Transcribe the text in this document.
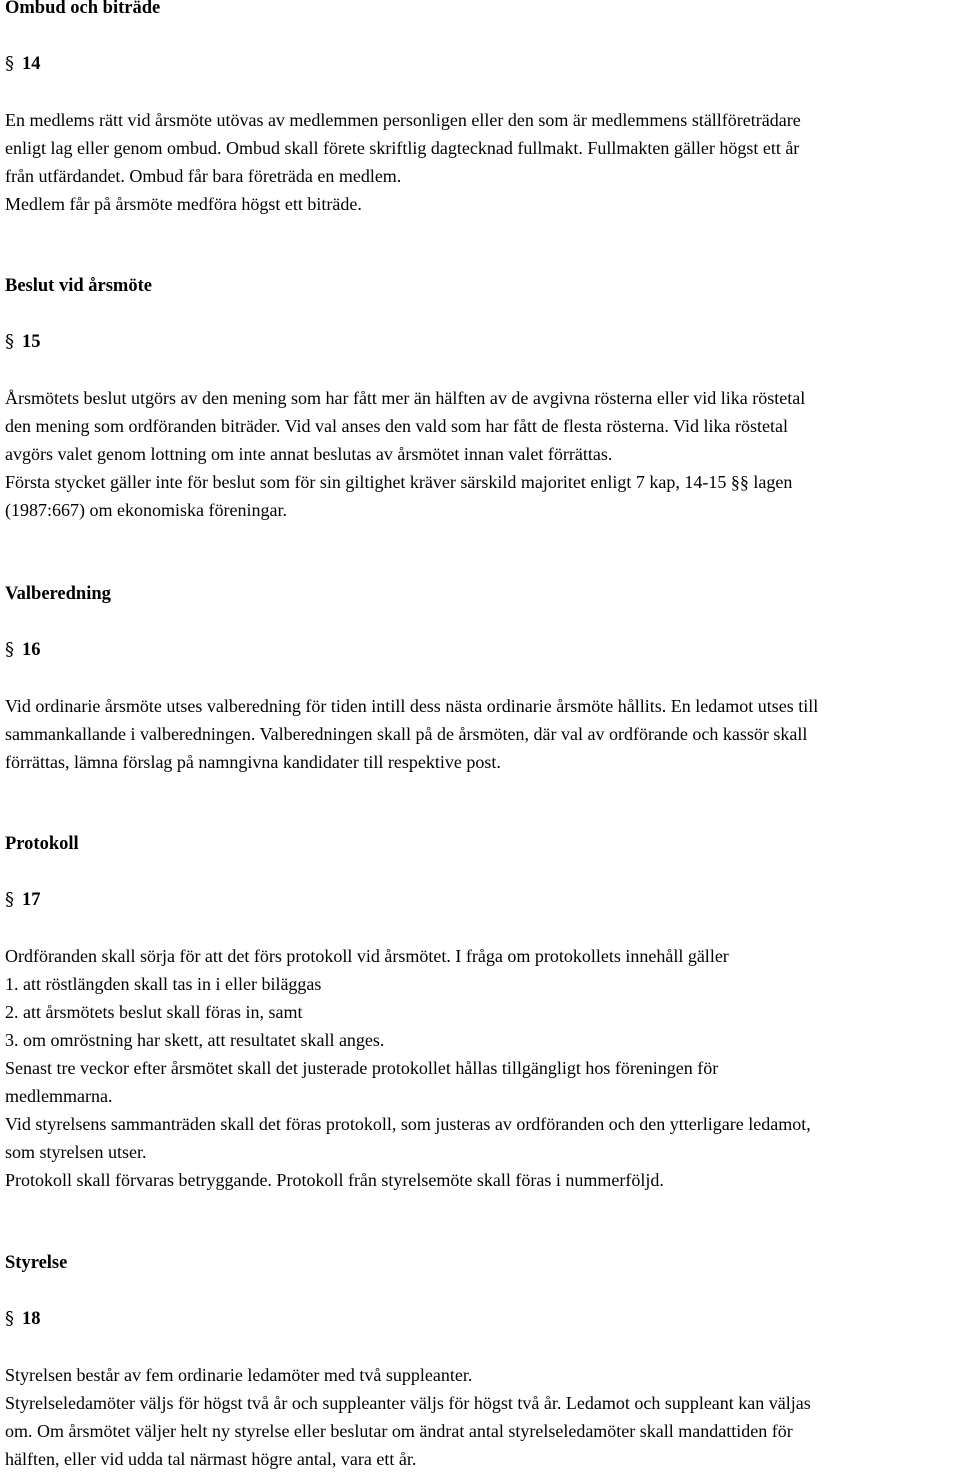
Ombud och biträde
§ 14
En medlems rätt vid årsmöte utövas av medlemmen personligen eller den som är medlemmens ställföreträdare
enligt lag eller genom ombud. Ombud skall förete skriftlig dagtecknad fullmakt. Fullmakten gäller högst ett år
från utfärdandet. Ombud får bara företräda en medlem.
Medlem får på årsmöte medföra högst ett biträde.
Beslut vid årsmöte
§ 15
Årsmötets beslut utgörs av den mening som har fått mer än hälften av de avgivna rösterna eller vid lika röstetal
den mening som ordföranden biträder. Vid val anses den vald som har fått de flesta rösterna. Vid lika röstetal
avgörs valet genom lottning om inte annat beslutas av årsmötet innan valet förrättas.
Första stycket gäller inte för beslut som för sin giltighet kräver särskild majoritet enligt 7 kap, 14-15 §§ lagen
(1987:667) om ekonomiska föreningar.
Valberedning
§ 16
Vid ordinarie årsmöte utses valberedning för tiden intill dess nästa ordinarie årsmöte hållits. En ledamot utses till
sammankallande i valberedningen. Valberedningen skall på de årsmöten, där val av ordförande och kassör skall
förrättas, lämna förslag på namngivna kandidater till respektive post.
Protokoll
§ 17
Ordföranden skall sörja för att det förs protokoll vid årsmötet. I fråga om protokollets innehåll gäller
1. att röstlängden skall tas in i eller biläggas
2. att årsmötets beslut skall föras in, samt
3. om omröstning har skett, att resultatet skall anges.
Senast tre veckor efter årsmötet skall det justerade protokollet hållas tillgängligt hos föreningen för
medlemmarna.
Vid styrelsens sammanträden skall det föras protokoll, som justeras av ordföranden och den ytterligare ledamot,
som styrelsen utser.
Protokoll skall förvaras betryggande. Protokoll från styrelsemöte skall föras i nummerföljd.
Styrelse
§ 18
Styrelsen består av fem ordinarie ledamöter med två suppleanter.
Styrelseledamöter väljs för högst två år och suppleanter väljs för högst två år. Ledamot och suppleant kan väljas
om. Om årsmötet väljer helt ny styrelse eller beslutar om ändrat antal styrelseledamöter skall mandattiden för
hälften, eller vid udda tal närmast högre antal, vara ett år.
